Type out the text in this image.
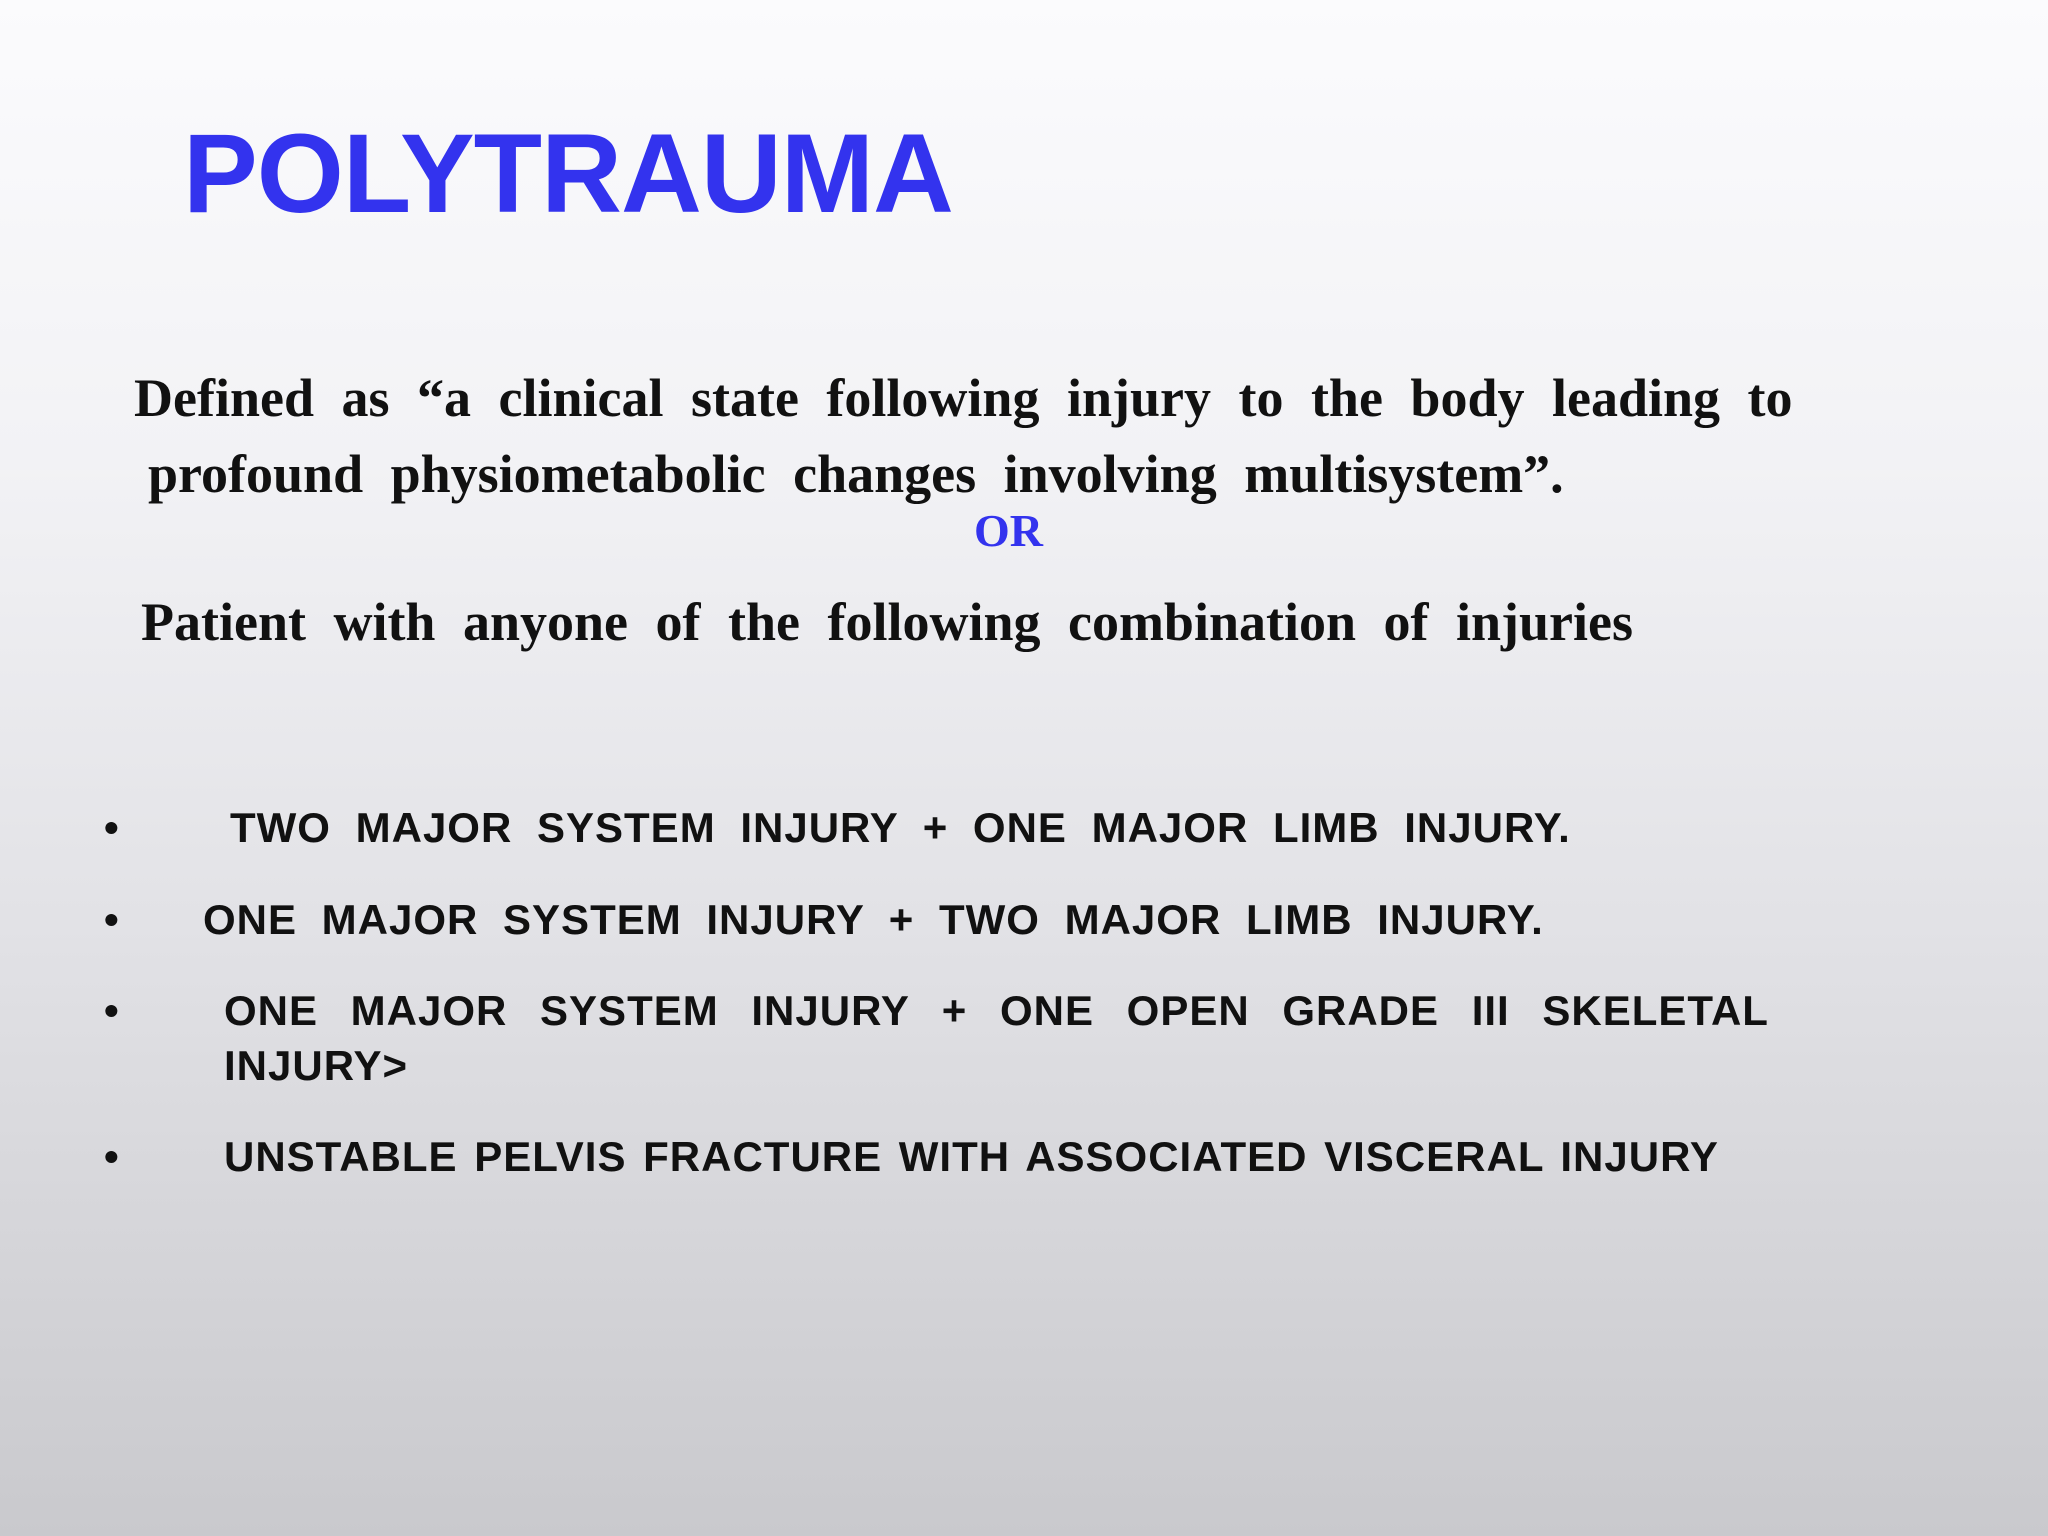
POLYTRAUMA
Defined as “a clinical state following injury to the body leading to
profound physiometabolic changes involving multisystem”.
OR
Patient with anyone of the following combination of injuries
•	TWO MAJOR SYSTEM INJURY + ONE MAJOR LIMB INJURY.
• ONE MAJOR SYSTEM INJURY + TWO MAJOR LIMB INJURY.
• ONE MAJOR SYSTEM INJURY + ONE OPEN GRADE III SKELETAL INJURY>
• UNSTABLE PELVIS FRACTURE WITH ASSOCIATED VISCERAL INJURY
